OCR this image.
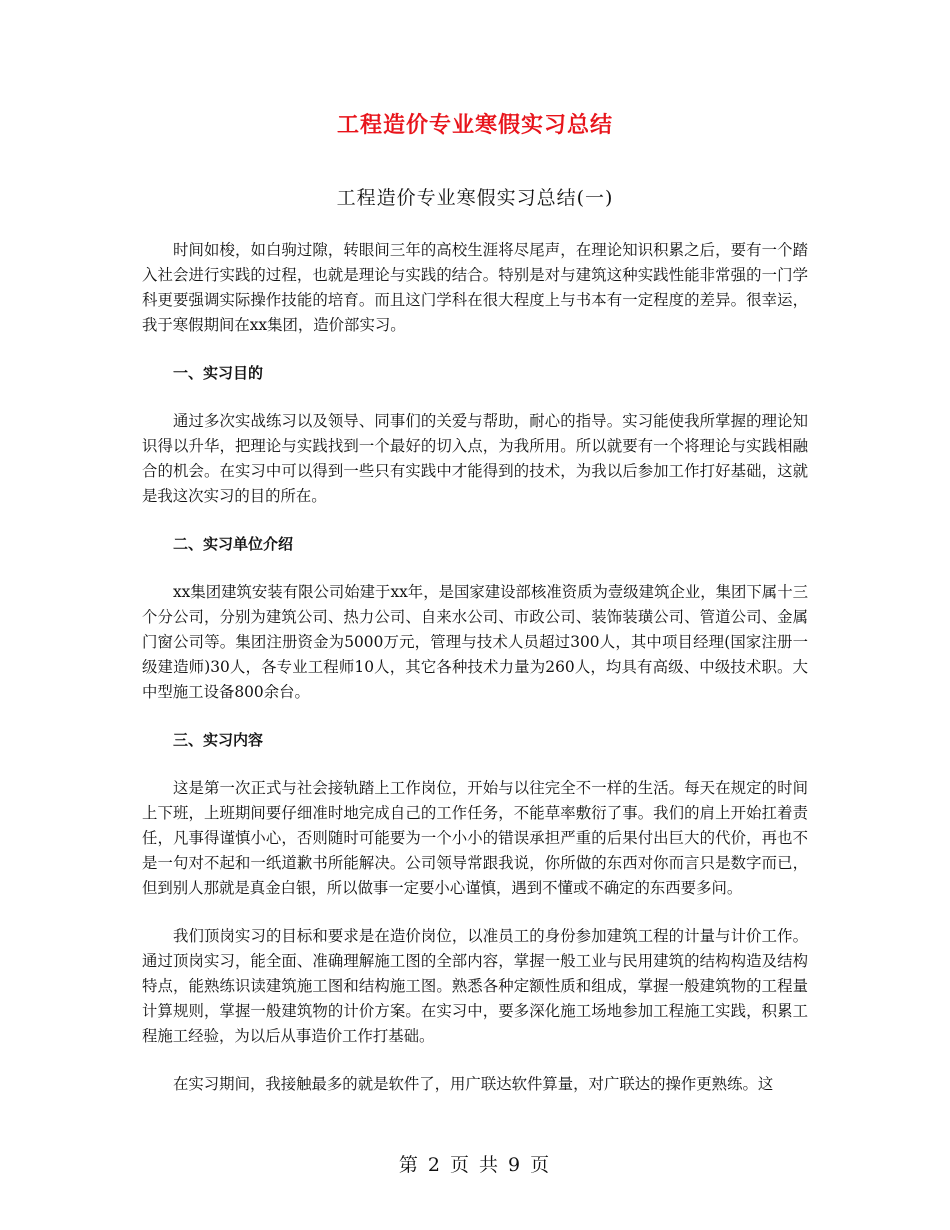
工程造价专业寒假实习总结
工程造价专业寒假实习总结(一)

时间如梭，如白驹过隙，转眼间三年的高校生涯将尽尾声，在理论知识积累之后，要有一个踏入社会进行实践的过程，也就是理论与实践的结合。特别是对与建筑这种实践性能非常强的一门学科更要强调实际操作技能的培育。而且这门学科在很大程度上与书本有一定程度的差异。很幸运，我于寒假期间在xx集团，造价部实习。

一、实习目的

通过多次实战练习以及领导、同事们的关爱与帮助，耐心的指导。实习能使我所掌握的理论知识得以升华，把理论与实践找到一个最好的切入点，为我所用。所以就要有一个将理论与实践相融合的机会。在实习中可以得到一些只有实践中才能得到的技术，为我以后参加工作打好基础，这就是我这次实习的目的所在。

二、实习单位介绍

xx集团建筑安装有限公司始建于xx年，是国家建设部核准资质为壹级建筑企业，集团下属十三个分公司，分别为建筑公司、热力公司、自来水公司、市政公司、装饰装璜公司、管道公司、金属门窗公司等。集团注册资金为5000万元，管理与技术人员超过300人，其中项目经理(国家注册一级建造师)30人，各专业工程师10人，其它各种技术力量为260人，均具有高级、中级技术职。大中型施工设备800余台。

三、实习内容

这是第一次正式与社会接轨踏上工作岗位，开始与以往完全不一样的生活。每天在规定的时间上下班，上班期间要仔细准时地完成自己的工作任务，不能草率敷衍了事。我们的肩上开始扛着责任，凡事得谨慎小心，否则随时可能要为一个小小的错误承担严重的后果付出巨大的代价，再也不是一句对不起和一纸道歉书所能解决。公司领导常跟我说，你所做的东西对你而言只是数字而已，但到别人那就是真金白银，所以做事一定要小心谨慎，遇到不懂或不确定的东西要多问。

我们顶岗实习的目标和要求是在造价岗位，以准员工的身份参加建筑工程的计量与计价工作。通过顶岗实习，能全面、准确理解施工图的全部内容，掌握一般工业与民用建筑的结构构造及结构特点，能熟练识读建筑施工图和结构施工图。熟悉各种定额性质和组成，掌握一般建筑物的工程量计算规则，掌握一般建筑物的计价方案。在实习中，要多深化施工场地参加工程施工实践，积累工程施工经验，为以后从事造价工作打基础。

在实习期间，我接触最多的就是软件了，用广联达软件算量，对广联达的操作更熟练。这

第 2 页 共 9 页
